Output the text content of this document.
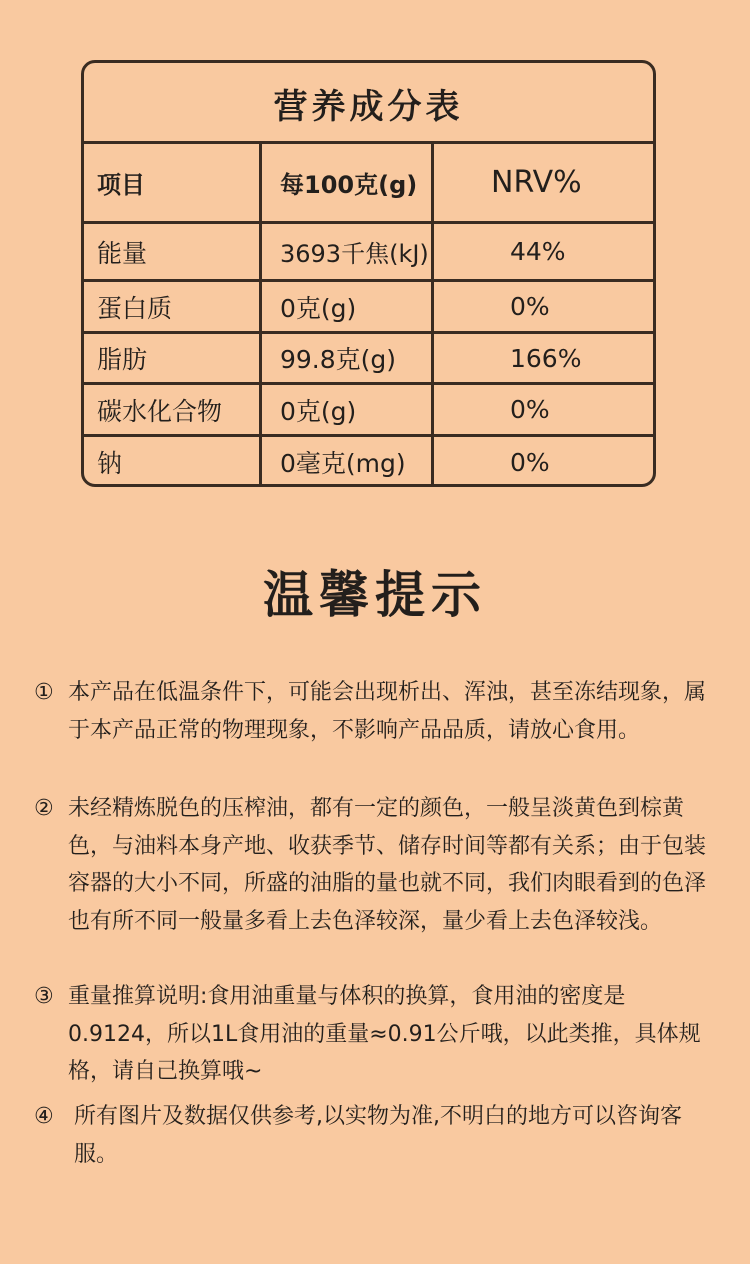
营养成分表
项目	每100克(g) NRV%
能量	3693千焦(kJ)	44%
蛋白质	0克(g)	0%
脂肪	99.8克(g)	166%
碳水化合物 0克(g)	0%
钠	0毫克(mg)	0%
温馨提示
① 本产品在低温条件下，可能会出现析出、浑浊，甚至冻结现象，属于本产品正常的物理现象，不影响产品品质，请放心食用。
② 未经精炼脱色的压榨油，都有一定的颜色，一般呈淡黄色到棕黄色，与油料本身产地、收获季节、储存时间等都有关系；由于包装容器的大小不同，所盛的油脂的量也就不同，我们肉眼看到的色泽也有所不同一般量多看上去色泽较深，量少看上去色泽较浅。
③ 重量推算说明:食用油重量与体积的换算，食用油的密度是0.9124，所以1L食用油的重量≈0.91公斤哦，以此类推，具体规格，请自己换算哦~
④ 所有图片及数据仅供参考,以实物为准,不明白的地方可以咨询客服。
